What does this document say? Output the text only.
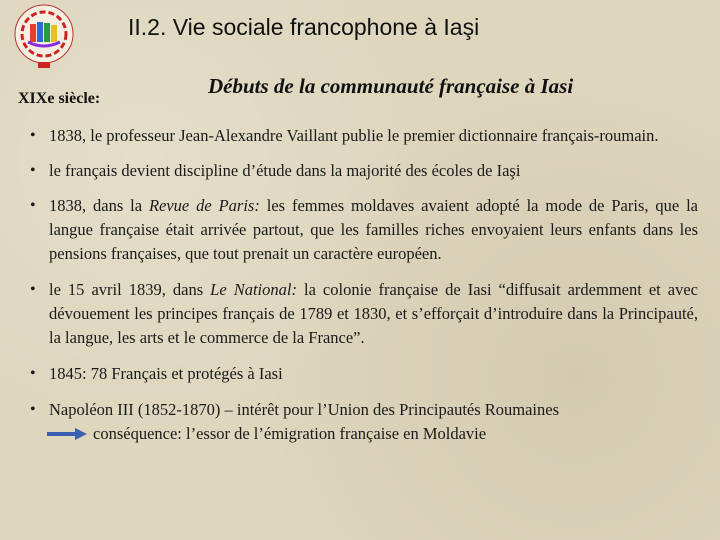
II.2. Vie sociale francophone à Iaşi
XIXe siècle:
Débuts de la communauté française à Iasi
• 1838, le professeur Jean-Alexandre Vaillant publie le premier dictionnaire français-roumain.
• le français devient discipline d’étude dans la majorité des écoles de Iaşi
• 1838, dans la Revue de Paris: les femmes moldaves avaient adopté la mode de Paris, que la langue française était arrivée partout, que les familles riches envoyaient leurs enfants dans les pensions françaises, que tout prenait un caractère européen.
• le 15 avril 1839, dans Le National: la colonie française de Iasi “diffusait ardemment et avec dévouement les principes français de 1789 et 1830, et s’efforçait d’introduire dans la Principauté, la langue, les arts et le commerce de la France”.
• 1845: 78 Français et protégés à Iasi
• Napoléon III (1852-1870) – intérêt pour l’Union des Principautés Roumaines
conséquence: l’essor de l’émigration française en Moldavie
